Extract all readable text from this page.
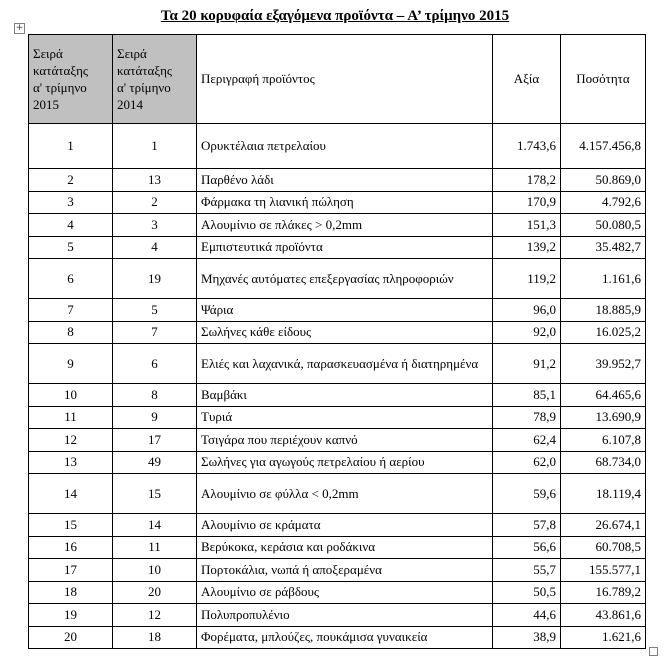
Τα 20 κορυφαία εξαγόμενα προϊόντα – Α’ τρίμηνο 2015
+
Σειρά
κατάταξης
α' τρίμηνο
2015	Σειρά
κατάταξης
α' τρίμηνο
2014	Περιγραφή προϊόντος	Αξία	Ποσότητα
1	1	Ορυκτέλαια πετρελαίου	1.743,6	4.157.456,8
2	13	Παρθένο λάδι	178,2	50.869,0
3	2	Φάρμακα τη λιανική πώληση	170,9	4.792,6
4	3	Αλουμίνιο σε πλάκες > 0,2mm	151,3	50.080,5
5	4	Εμπιστευτικά προϊόντα	139,2	35.482,7
6	19	Μηχανές αυτόματες επεξεργασίας πληροφοριών	119,2	1.161,6
7	5	Ψάρια	96,0	18.885,9
8	7	Σωλήνες κάθε είδους	92,0	16.025,2
9	6	Ελιές και λαχανικά, παρασκευασμένα ή διατηρημένα	91,2	39.952,7
10	8	Βαμβάκι	85,1	64.465,6
11	9	Τυριά	78,9	13.690,9
12	17	Τσιγάρα που περιέχουν καπνό	62,4	6.107,8
13	49	Σωλήνες για αγωγούς πετρελαίου ή αερίου	62,0	68.734,0
14	15	Αλουμίνιο σε φύλλα < 0,2mm	59,6	18.119,4
15	14	Αλουμίνιο σε κράματα	57,8	26.674,1
16	11	Βερύκοκα, κεράσια και ροδάκινα	56,6	60.708,5
17	10	Πορτοκάλια, νωπά ή αποξεραμένα	55,7	155.577,1
18	20	Αλουμίνιο σε ράβδους	50,5	16.789,2
19	12	Πολυπροπυλένιο	44,6	43.861,6
20	18	Φορέματα, μπλούζες, πουκάμισα γυναικεία	38,9	1.621,6
